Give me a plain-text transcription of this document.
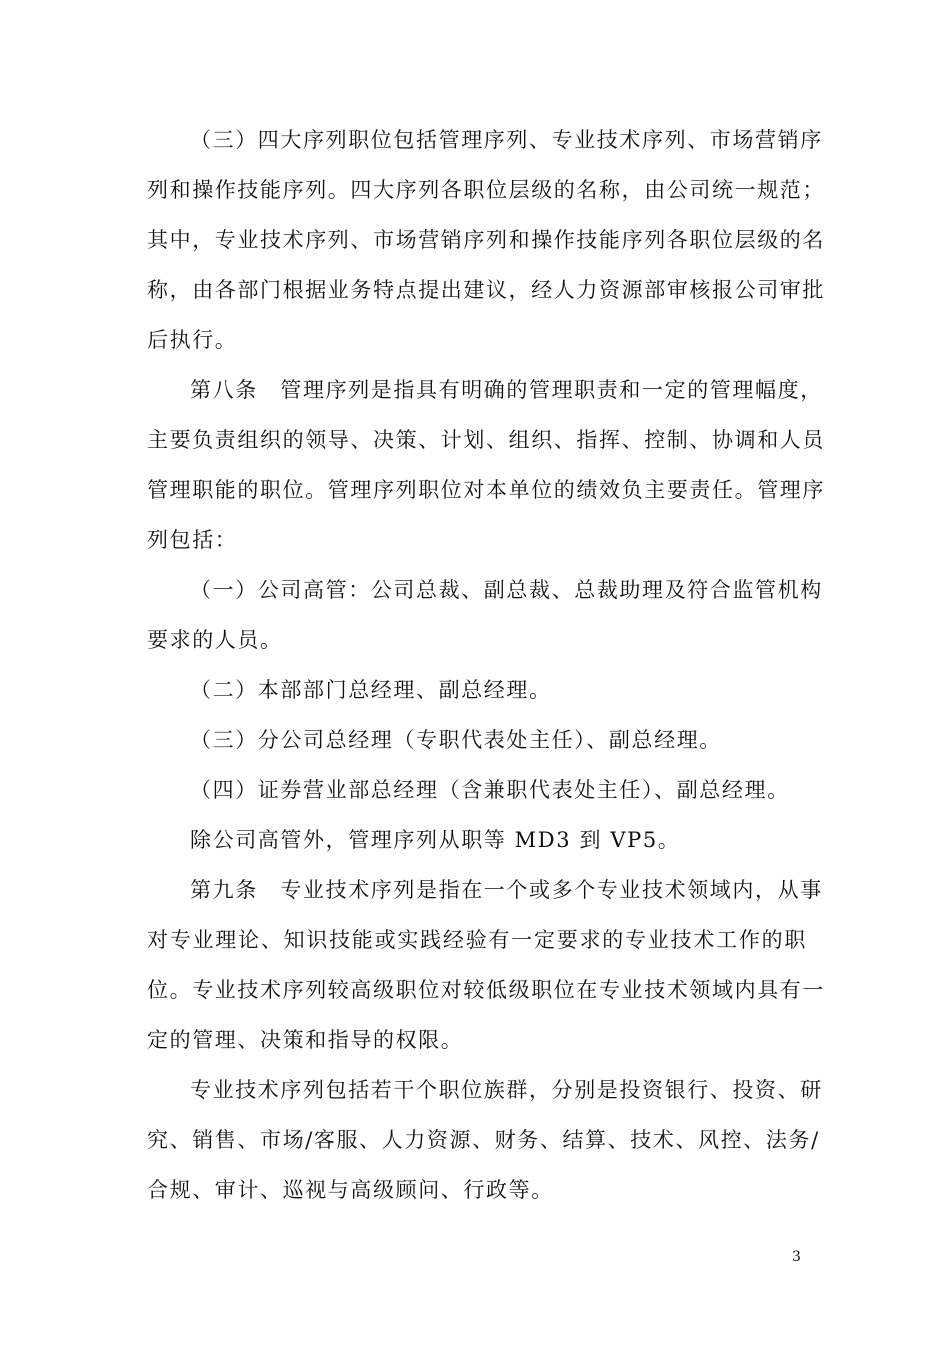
（三）四大序列职位包括管理序列、专业技术序列、市场营销序
列和操作技能序列。四大序列各职位层级的名称，由公司统一规范；
其中，专业技术序列、市场营销序列和操作技能序列各职位层级的名
称，由各部门根据业务特点提出建议，经人力资源部审核报公司审批
后执行。
第八条　管理序列是指具有明确的管理职责和一定的管理幅度，
主要负责组织的领导、决策、计划、组织、指挥、控制、协调和人员
管理职能的职位。管理序列职位对本单位的绩效负主要责任。管理序
列包括：
（一）公司高管：公司总裁、副总裁、总裁助理及符合监管机构
要求的人员。
（二）本部部门总经理、副总经理。
（三）分公司总经理（专职代表处主任）、副总经理。
（四）证券营业部总经理（含兼职代表处主任）、副总经理。
除公司高管外，管理序列从职等 MD3 到 VP5。
第九条　专业技术序列是指在一个或多个专业技术领域内，从事
对专业理论、知识技能或实践经验有一定要求的专业技术工作的职
位。专业技术序列较高级职位对较低级职位在专业技术领域内具有一
定的管理、决策和指导的权限。
专业技术序列包括若干个职位族群，分别是投资银行、投资、研
究、销售、市场/客服、人力资源、财务、结算、技术、风控、法务/
合规、审计、巡视与高级顾问、行政等。
3
